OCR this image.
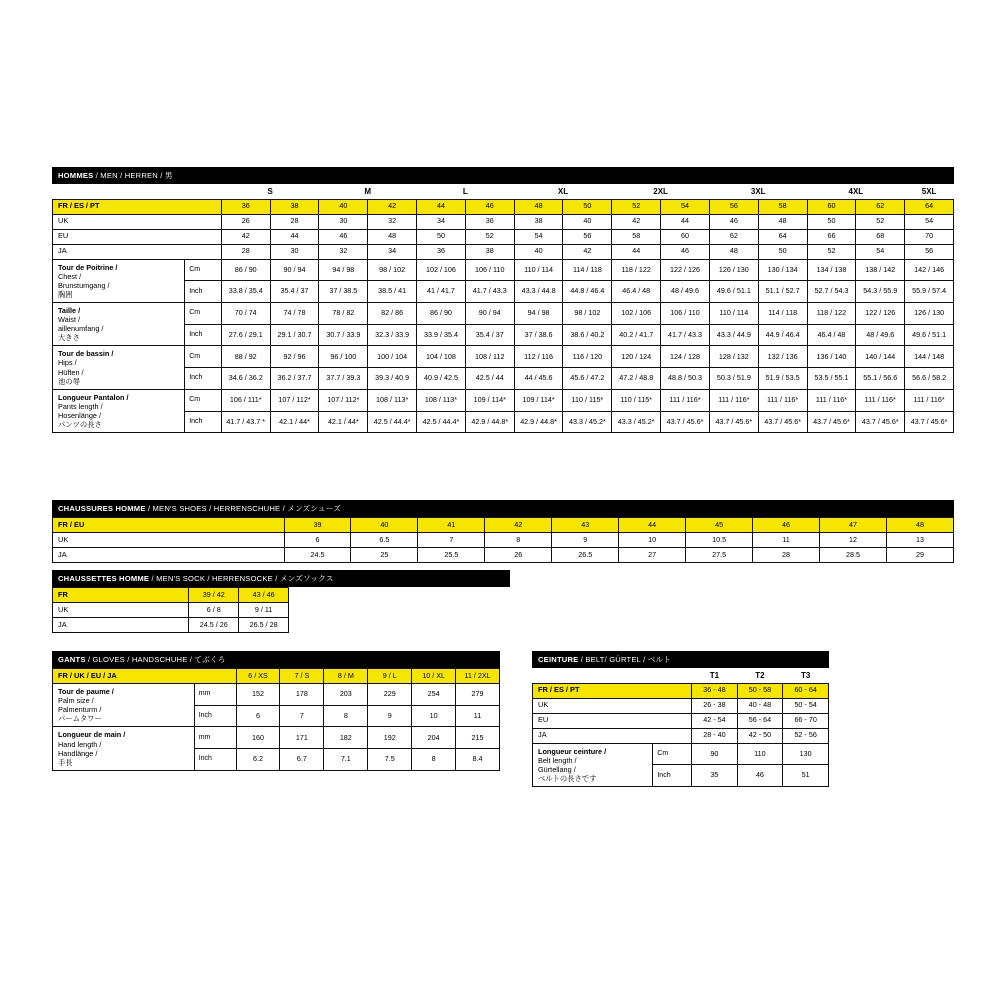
HOMMES / MEN / HERREN / 男
		S		M		L		XL		2XL		3XL		4XL		5XL
FR / ES / PT		36	38	40	42	44	46	48	50	52	54	56	58	60	62	64
UK		26	28	30	32	34	36	38	40	42	44	46	48	50	52	54
EU		42	44	46	48	50	52	54	56	58	60	62	64	66	68	70
JA		28	30	32	34	36	38	40	42	44	46	48	50	52	54	56
Tour de Poitrine /
Chest /
Brunstumgang /
胸囲	Cm	86 / 90	90 / 94	94 / 98	98 / 102	102 / 106	106 / 110	110 / 114	114 / 118	118 / 122	122 / 126	126 / 130	130 / 134	134 / 138	138 / 142	142 / 146
	Inch	33.8 / 35.4	35.4 / 37	37 / 38.5	38.5 / 41	41 / 41.7	41.7 / 43.3	43.3 / 44.8	44.8 / 46.4	46.4 / 48	48 / 49.6	49.6 / 51.1	51.1 / 52.7	52.7 / 54.3	54.3 / 55.9	55.9 / 57.4
Taille /
Waist /
aillenumfang /
大きさ	Cm	70 / 74	74 / 78	78 / 82	82 / 86	86 / 90	90 / 94	94 / 98	98 / 102	102 / 106	106 / 110	110 / 114	114 / 118	118 / 122	122 / 126	126 / 130
	Inch	27.6 / 29.1	29.1 / 30.7	30.7 / 33.9	32.3 / 33.9	33.9 / 35.4	35.4 / 37	37 / 38.6	38.6 / 40.2	40.2 / 41.7	41.7 / 43.3	43.3 / 44.9	44.9 / 46.4	46.4 / 48	48 / 49.6	49.6 / 51.1
Tour de bassin /
Hips /
Hüften /
池の辱	Cm	88 / 92	92 / 96	96 / 100	100 / 104	104 / 108	108 / 112	112 / 116	116 / 120	120 / 124	124 / 128	128 / 132	132 / 136	136 / 140	140 / 144	144 / 148
	Inch	34.6 / 36.2	36.2 / 37.7	37.7 / 39.3	39.3 / 40.9	40.9 / 42.5	42.5 / 44	44 / 45.6	45.6 / 47.2	47.2 / 48.8	48.8 / 50.3	50.3 / 51.9	51.9 / 53.5	53.5 / 55.1	55.1 / 56.6	56.6 / 58.2
Longueur Pantalon /
Pants length /
Hosenlänge /
パンツの長さ	Cm	106 / 111*	107 / 112*	107 / 112*	108 / 113*	108 / 113*	109 / 114*	109 / 114*	110 / 115*	110 / 115*	111 / 116*	111 / 116*	111 / 116*	111 / 116*	111 / 116*	111 / 116*
	Inch	41.7 / 43.7 *	42.1 / 44*	42.1 / 44*	42.5 / 44.4*	42.5 / 44.4*	42.9 / 44.8*	42.9 / 44.8*	43.3 / 45.2*	43.3 / 45.2*	43.7 / 45.6*	43.7 / 45.6*	43.7 / 45.6*	43.7 / 45.6*	43.7 / 45.6*	43.7 / 45.6*
CHAUSSURES HOMME / MEN'S SHOES / HERRENSCHUHE / メンズシューズ
FR / EU	39	40	41	42	43	44	45	46	47	48
UK	6	6.5	7	8	9	10	10.5	11	12	13
JA	24.5	25	25.5	26	26.5	27	27.5	28	28.5	29
CHAUSSETTES HOMME / MEN'S SOCK / HERRENSOCKE / メンズソックス
FR	39 / 42	43 / 46
UK	6 / 8	9 / 11
JA	24.5 / 26	26.5 / 28
GANTS / GLOVES / HANDSCHUHE / てぶくろ
FR / UK / EU / JA		6 / XS	7 / S	8 / M	9 / L	10 / XL	11 / 2XL
Tour de paume /
Palm size /
Palmenturm /
パームタワー	mm	152	178	203	229	254	279
	Inch	6	7	8	9	10	11
Longueur de main /
Hand length /
Handlänge /
手長	mm	160	171	182	192	204	215
	Inch	6.2	6.7	7.1	7.5	8	8.4
CEINTURE / BELT/ GÜRTEL / ベルト
		T1	T2	T3
FR / ES / PT		36 - 48	50 - 58	60 - 64
UK		26 - 38	40 - 48	50 - 54
EU		42 - 54	56 - 64	66 - 70
JA		28 - 40	42 - 50	52 - 56
Longueur ceinture /
Belt length /
Gürtellang /
ベルトの長さです	Cm	90	110	130
	Inch	35	46	51
